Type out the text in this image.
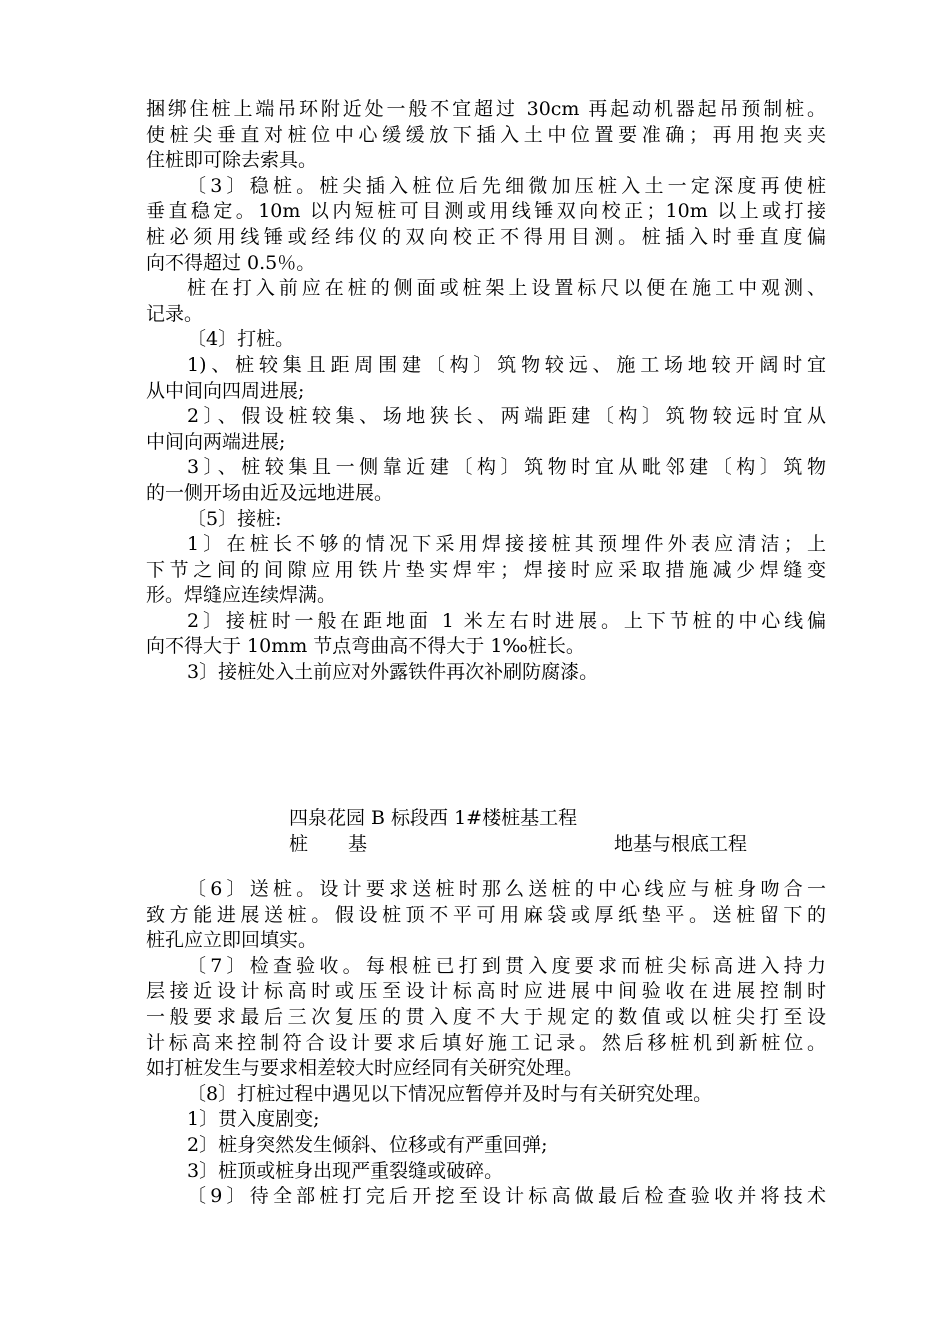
捆绑住桩上端吊环附近处一般不宜超过 30cm 再起动机器起吊预制桩。
使桩尖垂直对桩位中心缓缓放下插入土中位置要准确；再用抱夹夹
住桩即可除去索具。
〔3〕稳桩。桩尖插入桩位后先细微加压桩入土一定深度再使桩
垂直稳定。10m 以内短桩可目测或用线锤双向校正；10m 以上或打接
桩必须用线锤或经纬仪的双向校正不得用目测。桩插入时垂直度偏
向不得超过 0.5％。
桩在打入前应在桩的侧面或桩架上设置标尺以便在施工中观测、
记录。
〔4〕打桩。
1)、桩较集且距周围建〔构〕筑物较远、施工场地较开阔时宜
从中间向四周进展;
2〕、假设桩较集、场地狭长、两端距建〔构〕筑物较远时宜从
中间向两端进展;
3〕、桩较集且一侧靠近建〔构〕筑物时宜从毗邻建〔构〕筑物
的一侧开场由近及远地进展。
〔5〕接桩:
1〕在桩长不够的情况下采用焊接接桩其预埋件外表应清洁；上
下节之间的间隙应用铁片垫实焊牢；焊接时应采取措施减少焊缝变
形。焊缝应连续焊满。
2〕接桩时一般在距地面 1 米左右时进展。上下节桩的中心线偏
向不得大于 10mm 节点弯曲高不得大于 1‰桩长。
3〕接桩处入土前应对外露铁件再次补刷防腐漆。
四泉花园 B 标段西 1#楼桩基工程
桩 基	地基与根底工程
〔6〕送桩。设计要求送桩时那么送桩的中心线应与桩身吻合一
致方能进展送桩。假设桩顶不平可用麻袋或厚纸垫平。送桩留下的
桩孔应立即回填实。
〔7〕检查验收。每根桩已打到贯入度要求而桩尖标高进入持力
层接近设计标高时或压至设计标高时应进展中间验收在进展控制时
一般要求最后三次复压的贯入度不大于规定的数值或以桩尖打至设
计标高来控制符合设计要求后填好施工记录。然后移桩机到新桩位。
如打桩发生与要求相差较大时应经同有关研究处理。
〔8〕打桩过程中遇见以下情况应暂停并及时与有关研究处理。
1〕贯入度剧变;
2〕桩身突然发生倾斜、位移或有严重回弹;
3〕桩顶或桩身出现严重裂缝或破碎。
〔9〕待全部桩打完后开挖至设计标高做最后检查验收并将技术
